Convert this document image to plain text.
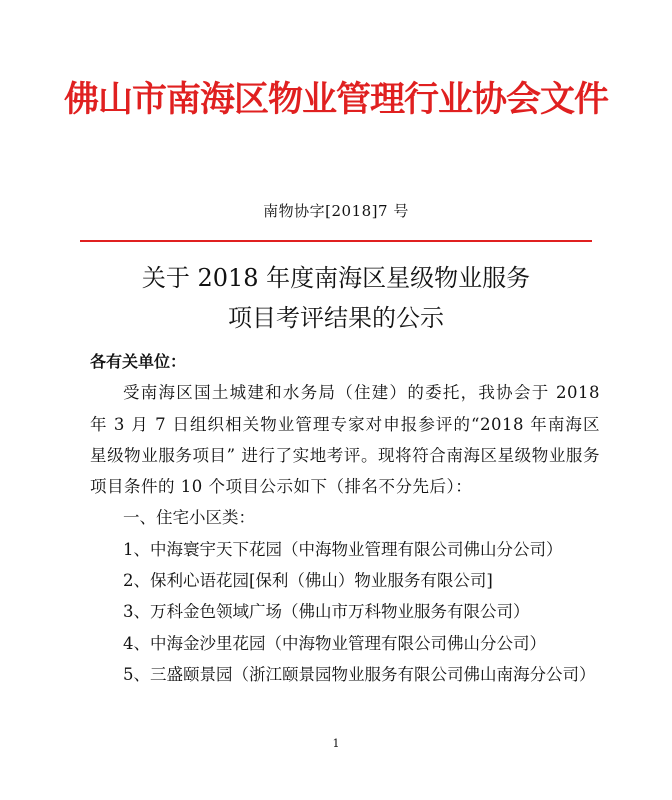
佛山市南海区物业管理行业协会文件
南物协字[2018]7 号
关于 2018 年度南海区星级物业服务
项目考评结果的公示
各有关单位：
受南海区国土城建和水务局（住建）的委托，我协会于 2018 年 3 月 7 日组织相关物业管理专家对申报参评的“2018 年南海区星级物业服务项目” 进行了实地考评。现将符合南海区星级物业服务项目条件的 10 个项目公示如下（排名不分先后）：
一、住宅小区类：
1、中海寰宇天下花园（中海物业管理有限公司佛山分公司）
2、保利心语花园[保利（佛山）物业服务有限公司]
3、万科金色领域广场（佛山市万科物业服务有限公司）
4、中海金沙里花园（中海物业管理有限公司佛山分公司）
5、三盛颐景园（浙江颐景园物业服务有限公司佛山南海分公司）
1
